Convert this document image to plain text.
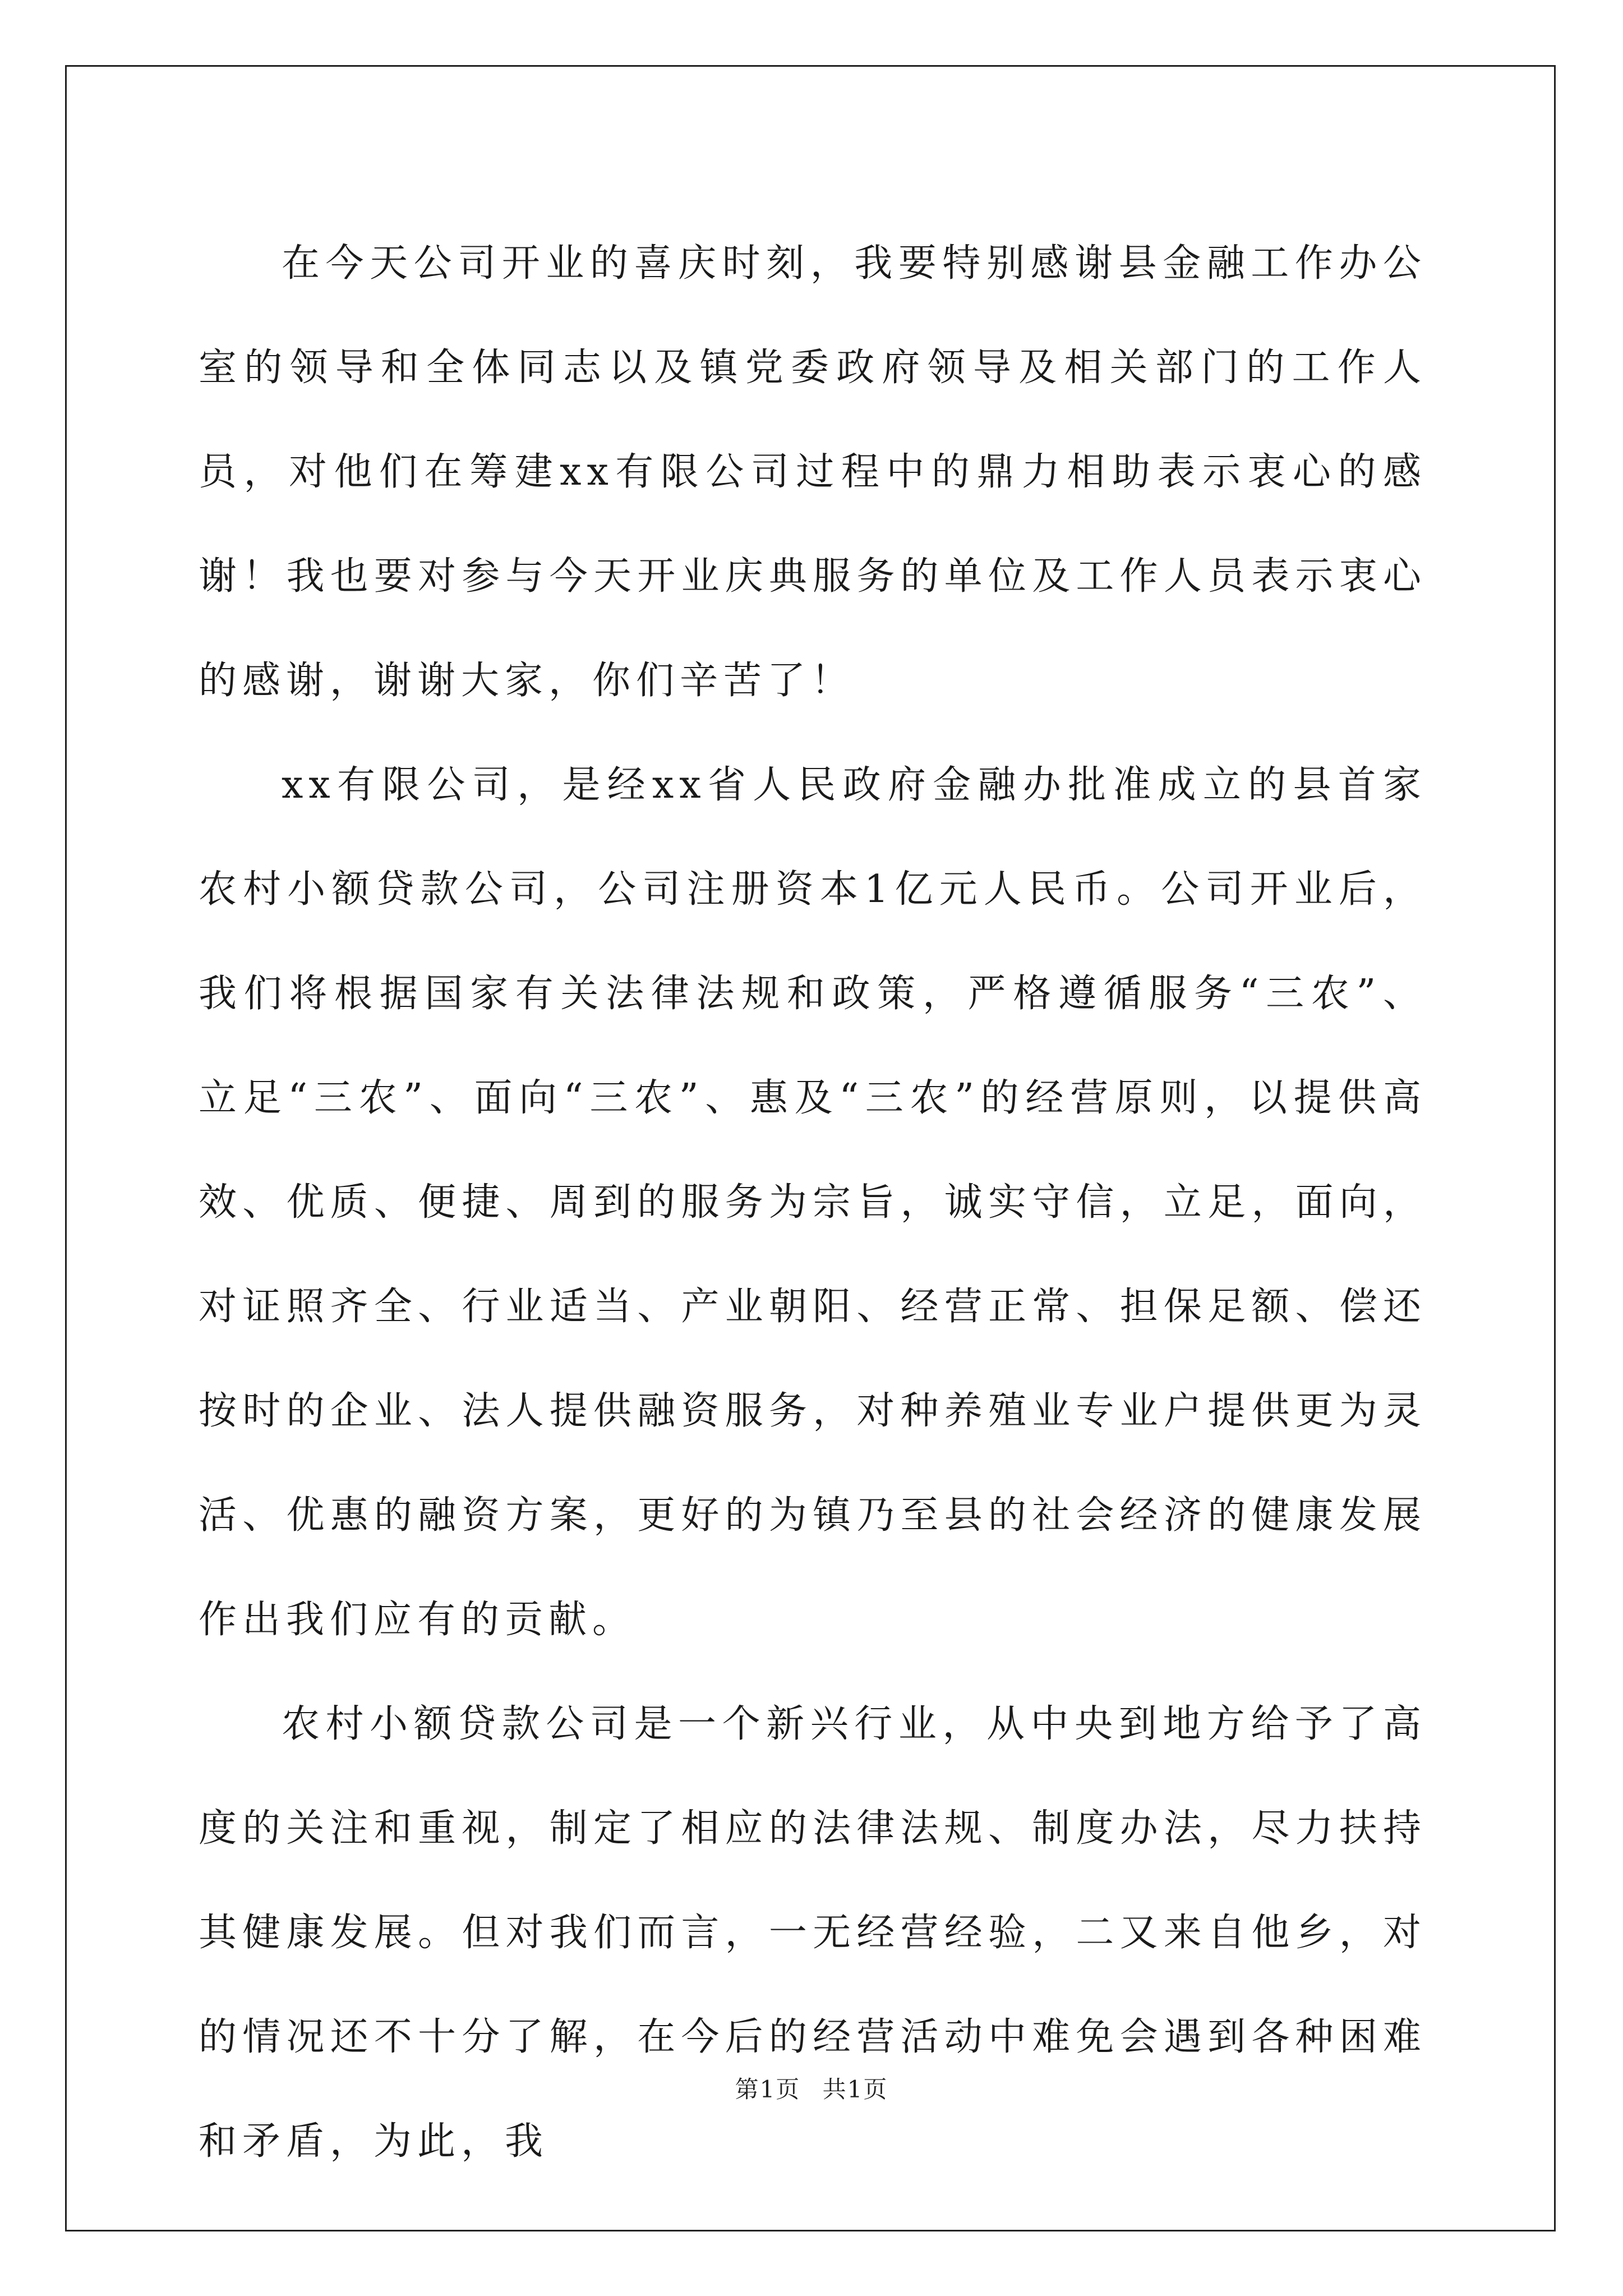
在今天公司开业的喜庆时刻，我要特别感谢县金融工作办公室的领导和全体同志以及镇党委政府领导及相关部门的工作人员，对他们在筹建xx有限公司过程中的鼎力相助表示衷心的感谢！我也要对参与今天开业庆典服务的单位及工作人员表示衷心的感谢，谢谢大家，你们辛苦了！

xx有限公司，是经xx省人民政府金融办批准成立的县首家农村小额贷款公司，公司注册资本1亿元人民币。公司开业后，我们将根据国家有关法律法规和政策，严格遵循服务“三农”、立足“三农”、面向“三农”、惠及“三农”的经营原则，以提供高效、优质、便捷、周到的服务为宗旨，诚实守信，立足，面向，对证照齐全、行业适当、产业朝阳、经营正常、担保足额、偿还按时的企业、法人提供融资服务，对种养殖业专业户提供更为灵活、优惠的融资方案，更好的为镇乃至县的社会经济的健康发展作出我们应有的贡献。

农村小额贷款公司是一个新兴行业，从中央到地方给予了高度的关注和重视，制定了相应的法律法规、制度办法，尽力扶持其健康发展。但对我们而言，一无经营经验，二又来自他乡，对的情况还不十分了解，在今后的经营活动中难免会遇到各种困难和矛盾，为此，我

第1页 共1页
